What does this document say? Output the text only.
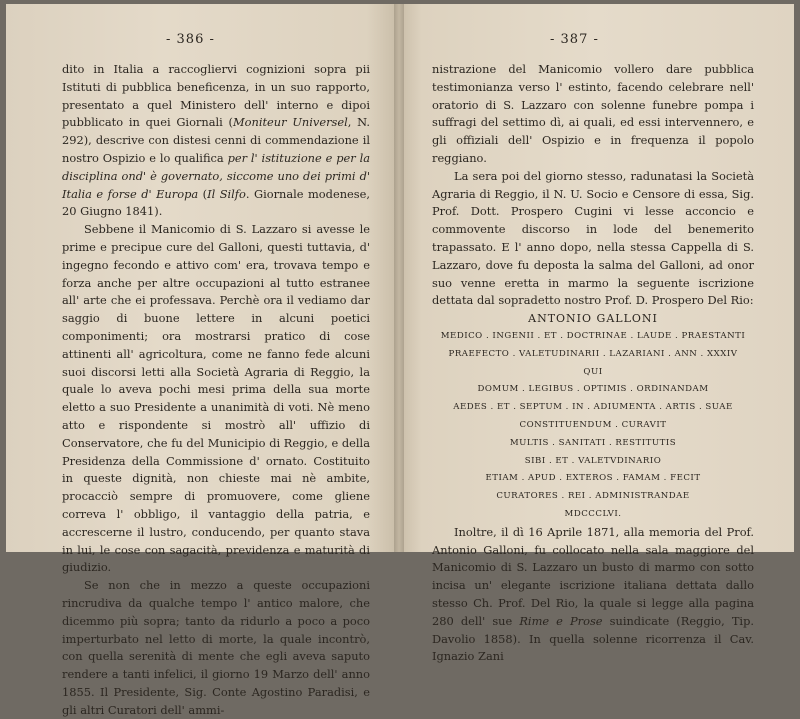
- 386 -

dito in Italia a raccogliervi cognizioni sopra pii Istituti di pubblica beneficenza, in un suo rapporto, presentato a quel Ministero dell' interno e dipoi pubblicato in quei Giornali (Moniteur Universel, N. 292), descrive con distesi cenni di commendazione il nostro Ospizio e lo qualifica per l' istituzione e per la disciplina ond' è governato, siccome uno dei primi d' Italia e forse d' Europa (Il Silfo. Giornale modenese, 20 Giugno 1841).

Sebbene il Manicomio di S. Lazzaro si avesse le prime e precipue cure del Galloni, questi tuttavia, d' ingegno fecondo e attivo com' era, trovava tempo e forza anche per altre occupazioni al tutto estranee all' arte che ei professava. Perchè ora il vediamo dar saggio di buone lettere in alcuni poetici componimenti; ora mostrarsi pratico di cose attinenti all' agricoltura, come ne fanno fede alcuni suoi discorsi letti alla Società Agraria di Reggio, la quale lo aveva pochi mesi prima della sua morte eletto a suo Presidente a unanimità di voti. Nè meno atto e rispondente si mostrò all' uffizio di Conservatore, che fu del Municipio di Reggio, e della Presidenza della Commissione d' ornato. Costituito in queste dignità, non chieste mai nè ambite, procacciò sempre di promuovere, come gliene correva l' obbligo, il vantaggio della patria, e accrescerne il lustro, conducendo, per quanto stava in lui, le cose con sagacità, previdenza e maturità di giudizio.

Se non che in mezzo a queste occupazioni rincrudiva da qualche tempo l' antico malore, che dicemmo più sopra; tanto da ridurlo a poco a poco imperturbato nel letto di morte, la quale incontrò, con quella serenità di mente che egli aveva saputo rendere a tanti infelici, il giorno 19 Marzo dell' anno 1855. Il Presidente, Sig. Conte Agostino Paradisi, e gli altri Curatori dell' ammi-

- 387 -

nistrazione del Manicomio vollero dare pubblica testimonianza verso l' estinto, facendo celebrare nell' oratorio di S. Lazzaro con solenne funebre pompa i suffragi del settimo dì, ai quali, ed essi intervennero, e gli offiziali dell' Ospizio e in frequenza il popolo reggiano.

La sera poi del giorno stesso, radunatasi la Società Agraria di Reggio, il N. U. Socio e Censore di essa, Sig. Prof. Dott. Prospero Cugini vi lesse acconcio e commovente discorso in lode del benemerito trapassato. E l' anno dopo, nella stessa Cappella di S. Lazzaro, dove fu deposta la salma del Galloni, ad onor suo venne eretta in marmo la seguente iscrizione dettata dal sopradetto nostro Prof. D. Prospero Del Rio:

ANTONIO GALLONI

MEDICO . INGENII . ET . DOCTRINAE . LAUDE . PRAESTANTI

PRAEFECTO . VALETUDINARII . LAZARIANI . ANN . XXXIV

QUI

DOMUM . LEGIBUS . OPTIMIS . ORDINANDAM

AEDES . ET . SEPTUM . IN . ADIUMENTA . ARTIS . SUAE

CONSTITUENDUM . CURAVIT

MULTIS . SANITATI . RESTITUTIS

SIBI . ET . VALETVDINARIO

ETIAM . APUD . EXTEROS . FAMAM . FECIT

CURATORES . REI . ADMINISTRANDAE

MDCCCLVI.

Inoltre, il dì 16 Aprile 1871, alla memoria del Prof. Antonio Galloni, fu collocato nella sala maggiore del Manicomio di S. Lazzaro un busto di marmo con sotto incisa un' elegante iscrizione italiana dettata dallo stesso Ch. Prof. Del Rio, la quale si legge alla pagina 280 dell' sue Rime e Prose suindicate (Reggio, Tip. Davolio 1858). In quella solenne ricorrenza il Cav. Ignazio Zani
